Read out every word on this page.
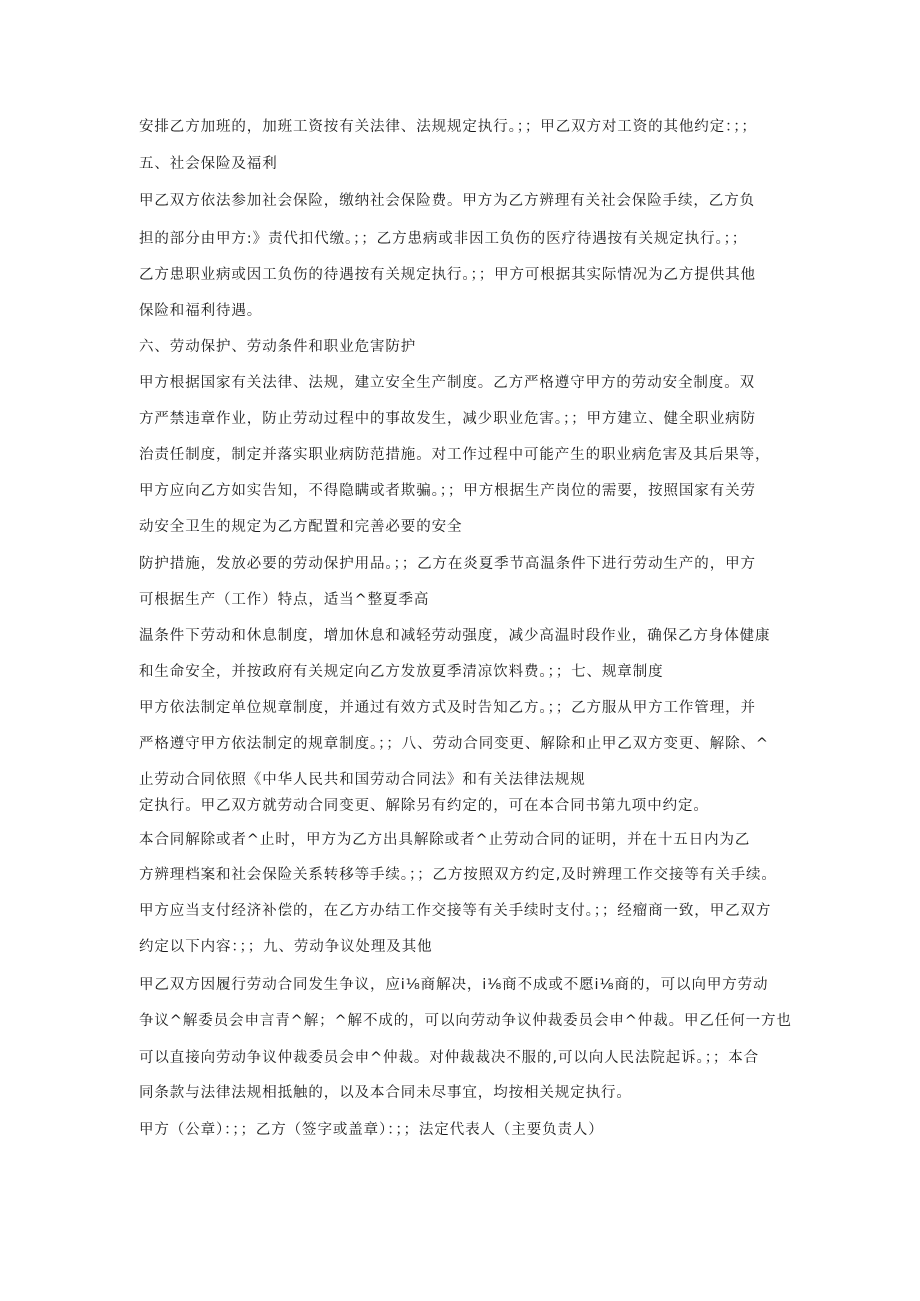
安排乙方加班的，加班工资按有关法律、法规规定执行。；；甲乙双方对工资的其他约定：；；
五、社会保险及福利
甲乙双方依法参加社会保险，缴纳社会保险费。甲方为乙方辨理有关社会保险手续，乙方负
担的部分由甲方:》责代扣代缴。；；乙方患病或非因工负伤的医疗待遇按有关规定执行。；；
乙方患职业病或因工负伤的待遇按有关规定执行。；；甲方可根据其实际情况为乙方提供其他
保险和福利待遇。
六、劳动保护、劳动条件和职业危害防护
甲方根据国家有关法律、法规，建立安全生产制度。乙方严格遵守甲方的劳动安全制度。双
方严禁违章作业，防止劳动过程中的事故发生，减少职业危害。；；甲方建立、健全职业病防
治责任制度，制定并落实职业病防范措施。对工作过程中可能产生的职业病危害及其后果等，
甲方应向乙方如实告知，不得隐瞒或者欺骗。；；甲方根据生产岗位的需要，按照国家有关劳
动安全卫生的规定为乙方配置和完善必要的安全
防护措施，发放必要的劳动保护用品。；；乙方在炎夏季节高温条件下进行劳动生产的，甲方
可根据生产（工作）特点，适当^整夏季高
温条件下劳动和休息制度，增加休息和减轻劳动强度，减少高温时段作业，确保乙方身体健康
和生命安全，并按政府有关规定向乙方发放夏季清凉饮料费。；；七、规章制度
甲方依法制定单位规章制度，并通过有效方式及时告知乙方。；；乙方服从甲方工作管理，并
严格遵守甲方依法制定的规章制度。；；八、劳动合同变更、解除和止甲乙双方变更、解除、^
止劳动合同依照《中华人民共和国劳动合同法》和有关法律法规规
定执行。甲乙双方就劳动合同变更、解除另有约定的，可在本合同书第九项中约定。
本合同解除或者^止时，甲方为乙方出具解除或者^止劳动合同的证明，并在十五日内为乙
方辨理档案和社会保险关系转移等手续。；；乙方按照双方约定,及时辨理工作交接等有关手续。
甲方应当支付经济补偿的，在乙方办结工作交接等有关手续时支付。；；经瘤商一致，甲乙双方
约定以下内容：；；九、劳动争议处理及其他
甲乙双方因履行劳动合同发生争议，应i⅛商解决，i⅛商不成或不愿i⅛商的，可以向甲方劳动
争议^解委员会申言青^解；^解不成的，可以向劳动争议仲裁委员会申^仲裁。甲乙任何一方也
可以直接向劳动争议仲裁委员会申^仲裁。对仲裁裁决不服的,可以向人民法院起诉。；；本合
同条款与法律法规相抵触的，以及本合同未尽事宜，均按相关规定执行。
甲方（公章）：；；乙方（签字或盖章）：；；法定代表人（主要负责人）
